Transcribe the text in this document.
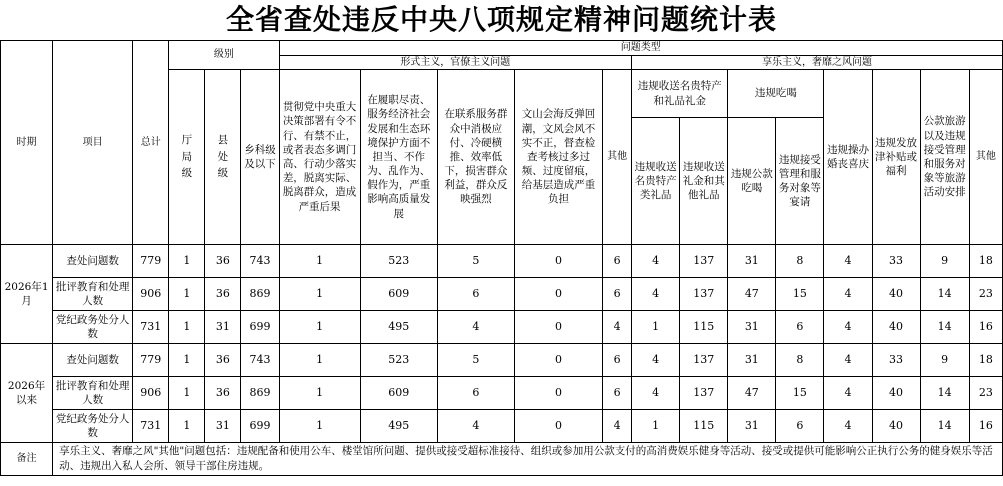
全省查处违反中央八项规定精神问题统计表
时期	项目	总计	级别			问题类型												
						形式主义，官僚主义问题					享乐主义，奢靡之风问题							
			厅局级	县处级	乡科级及以下	贯彻党中央重大决策部署有令不行、有禁不止，或者表态多调门高、行动少落实差，脱离实际、脱离群众，造成严重后果	在履职尽责、服务经济社会发展和生态环境保护方面不担当、不作为、乱作为、假作为，严重影响高质量发展	在联系服务群众中消极应付、冷硬横推、效率低下，损害群众利益，群众反映强烈	文山会海反弹回潮，文风会风不实不正，督查检查考核过多过频、过度留痕，给基层造成严重负担	其他	违规收送名贵特产和礼品礼金		违规吃喝		违规操办婚丧喜庆	违规发放津补贴或福利	公款旅游以及违规接受管理和服务对象等旅游活动安排	其他
											违规收送名贵特产类礼品	违规收送礼金和其他礼品	违规公款吃喝	违规接受管理和服务对象等宴请				
2026年1月	查处问题数	779	1	36	743	1	523	5	0	6	4	137	31	8	4	33	9	18
	批评教育和处理人数	906	1	36	869	1	609	6	0	6	4	137	47	15	4	40	14	23
	党纪政务处分人数	731	1	31	699	1	495	4	0	4	1	115	31	6	4	40	14	16
2026年以来	查处问题数	779	1	36	743	1	523	5	0	6	4	137	31	8	4	33	9	18
	批评教育和处理人数	906	1	36	869	1	609	6	0	6	4	137	47	15	4	40	14	23
	党纪政务处分人数	731	1	31	699	1	495	4	0	4	1	115	31	6	4	40	14	16
备注	享乐主义、奢靡之风"其他"问题包括：违规配备和使用公车、楼堂馆所问题、提供或接受超标准接待、组织或参加用公款支付的高消费娱乐健身等活动、接受或提供可能影响公正执行公务的健身娱乐等活动、违规出入私人会所、领导干部住房违规。																	
